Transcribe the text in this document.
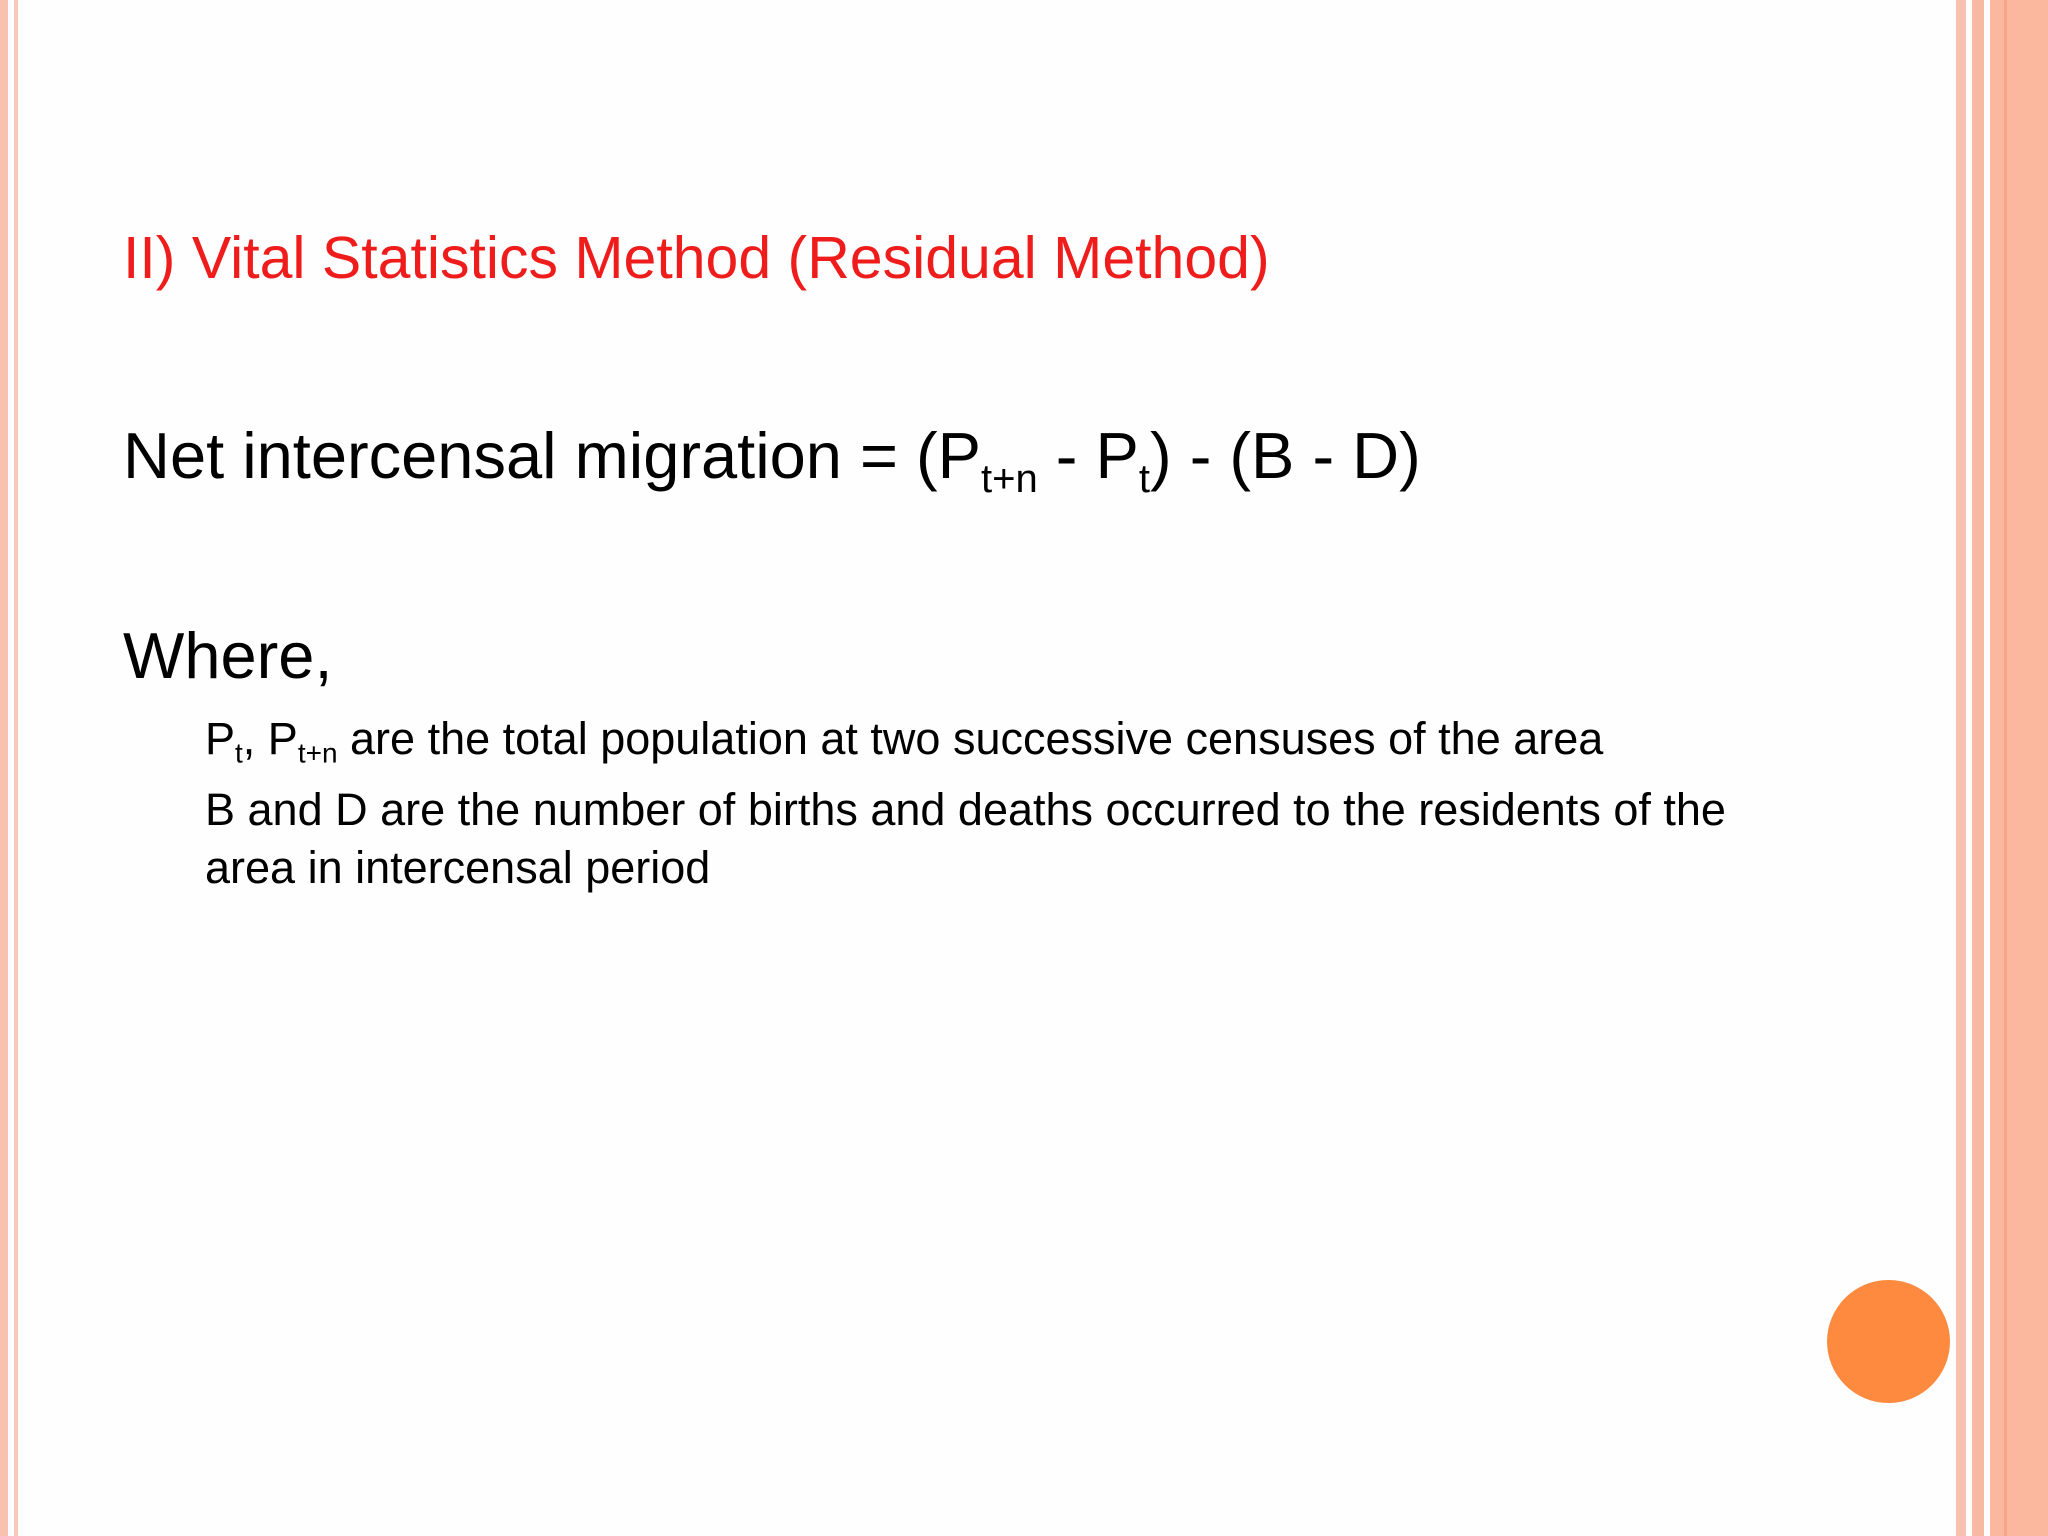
II) Vital Statistics Method (Residual Method)
Net intercensal migration = $(P_{t+n} - P_t) - (B - D)$
Where,
$P_t$, $P_{t+n}$ are the total population at two successive censuses of the area
B and D are the number of births and deaths occurred to the residents of the area in intercensal period
